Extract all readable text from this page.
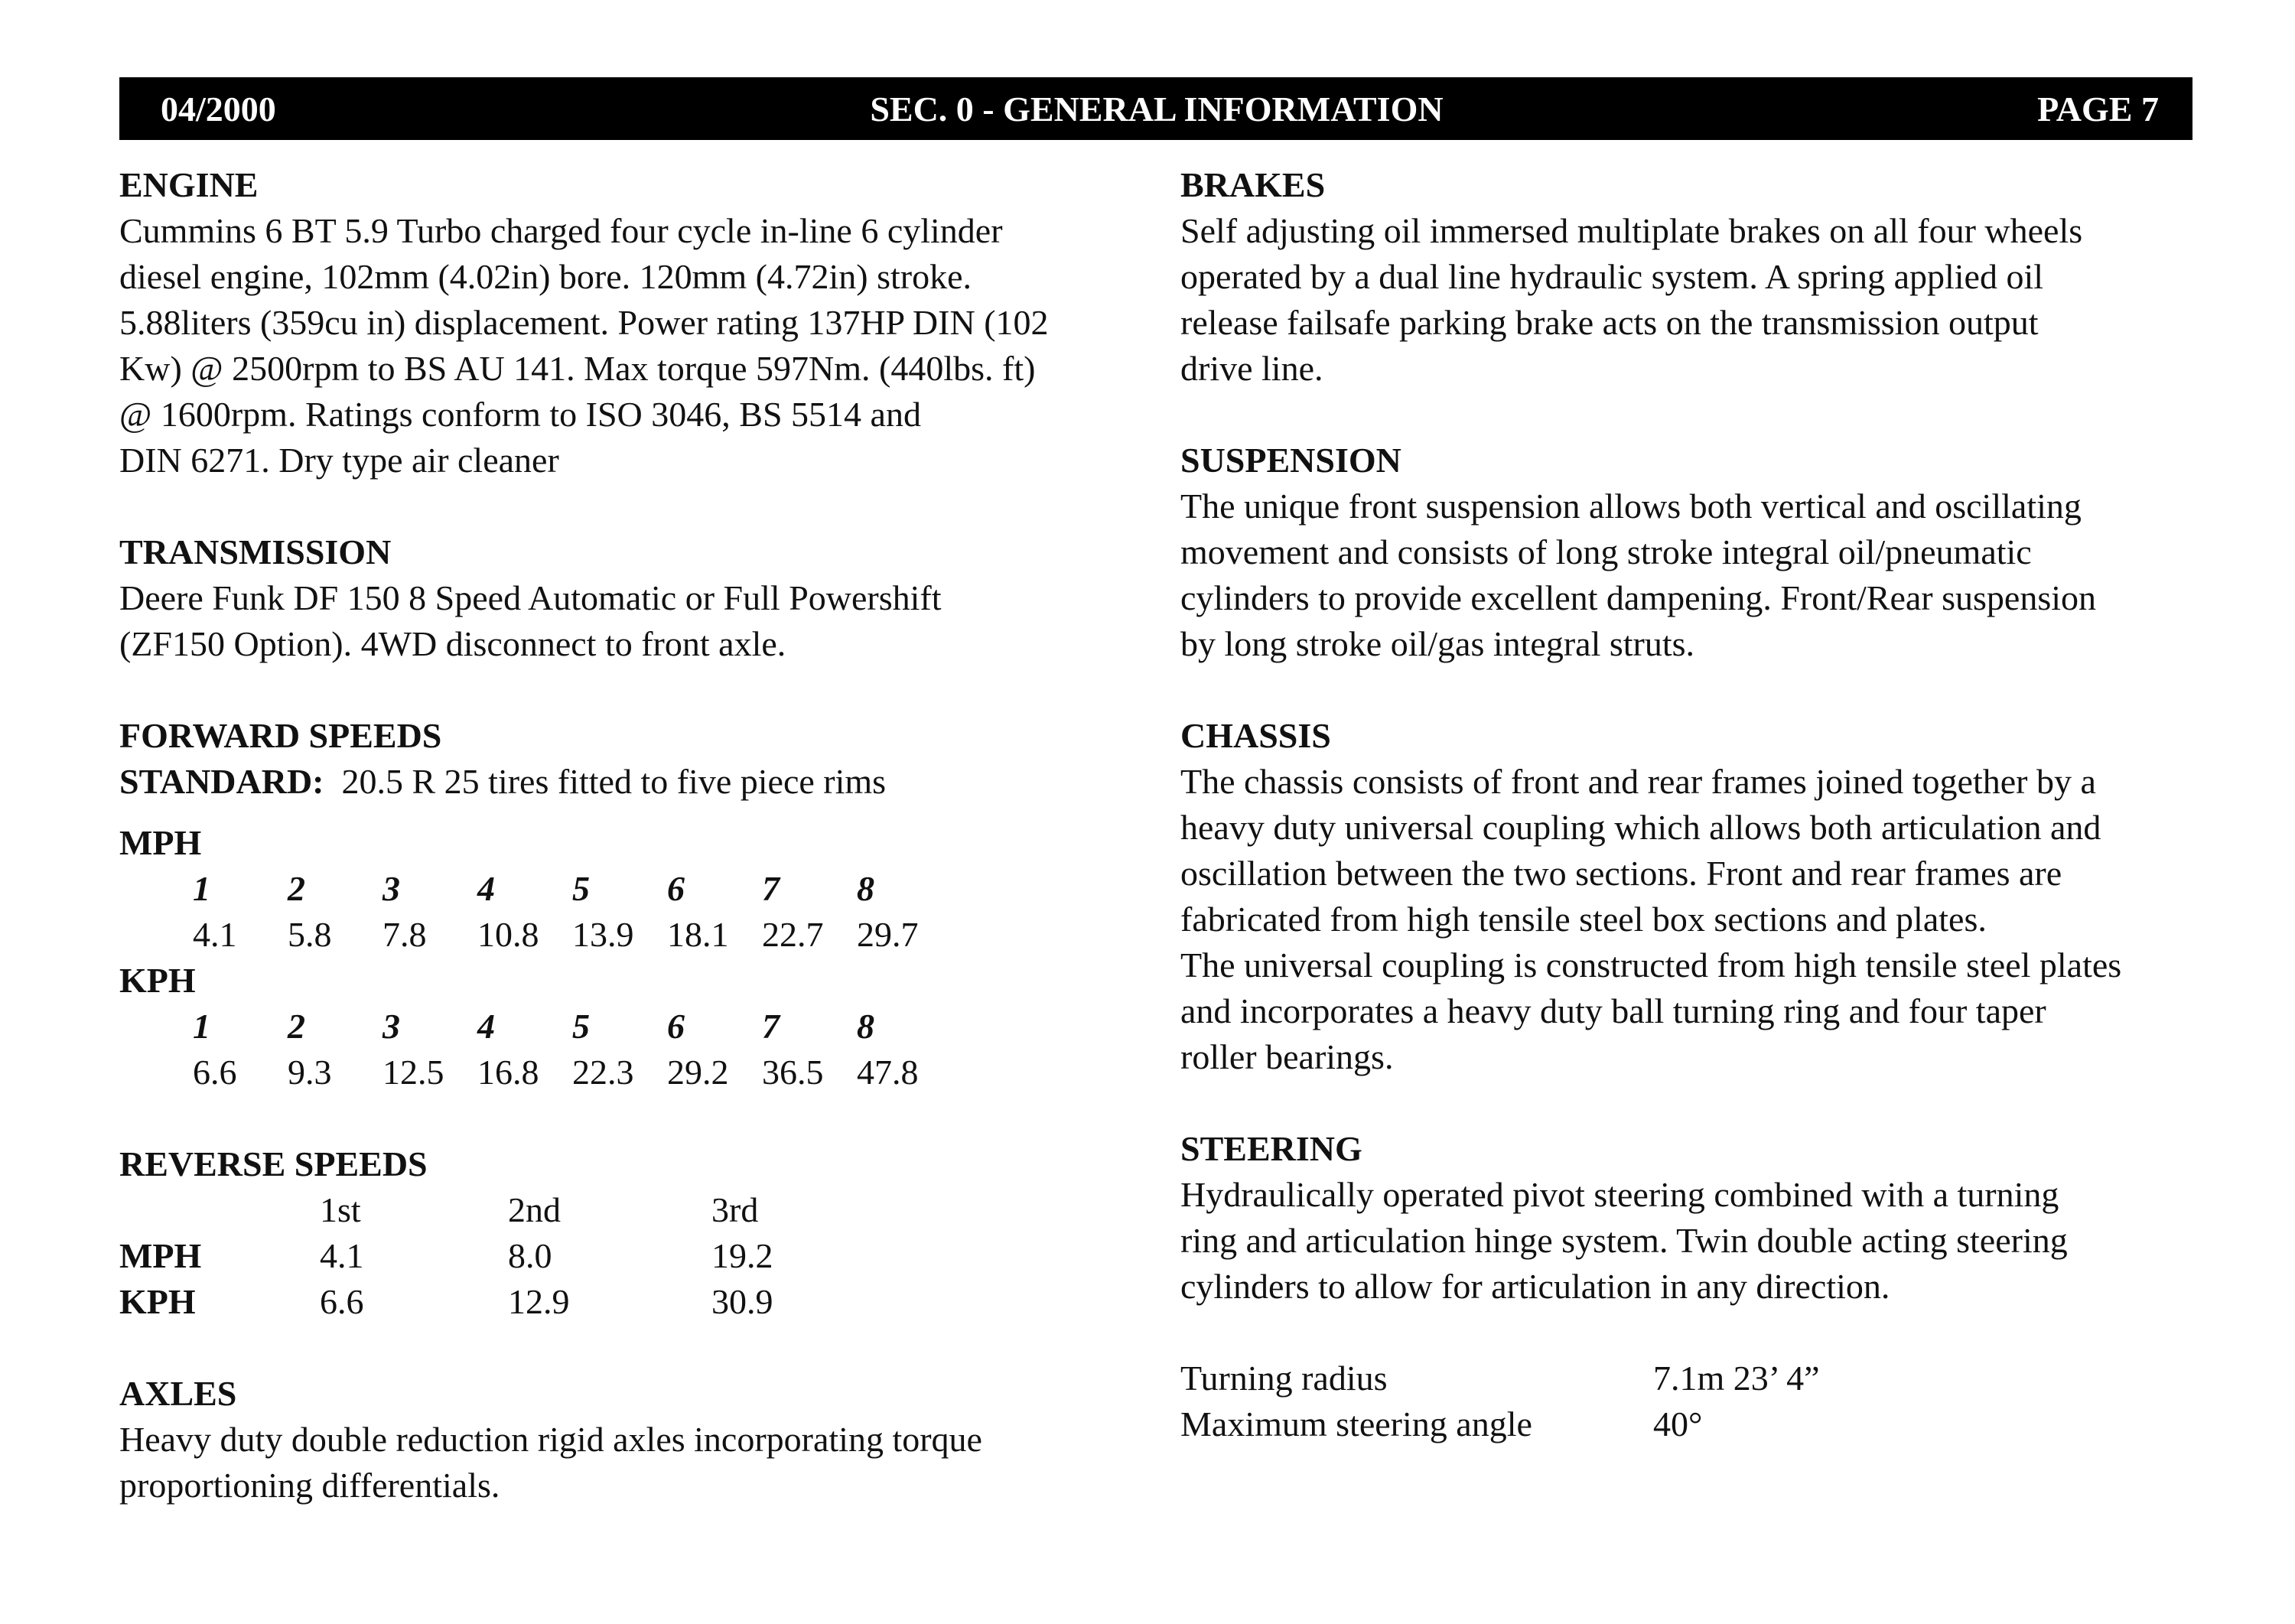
04/2000	SEC. 0 - GENERAL INFORMATION	PAGE 7
ENGINE

Cummins 6 BT 5.9 Turbo charged four cycle in-line 6 cylinder

diesel engine, 102mm (4.02in) bore. 120mm (4.72in) stroke.

5.88liters (359cu in) displacement. Power rating 137HP DIN (102

Kw) @ 2500rpm to BS AU 141. Max torque 597Nm. (440lbs. ft)

@ 1600rpm. Ratings conform to ISO 3046, BS 5514 and

DIN 6271. Dry type air cleaner

TRANSMISSION

Deere Funk DF 150 8 Speed Automatic or Full Powershift

(ZF150 Option). 4WD disconnect to front axle.

FORWARD SPEEDS
STANDARD: 20.5 R 25 tires fitted to five piece rims
MPH
1	2	3	4	5	6	7	8
4.1	5.8	7.8	10.8	13.9	18.1	22.7	29.7
KPH
1	2	3	4	5	6	7	8
6.6	9.3	12.5	16.8	22.3	29.2	36.5	47.8
REVERSE SPEEDS
	1st	2nd	3rd
MPH	4.1	8.0	19.2
KPH	6.6	12.9	30.9
AXLES

Heavy duty double reduction rigid axles incorporating torque

proportioning differentials.

BRAKES

Self adjusting oil immersed multiplate brakes on all four wheels

operated by a dual line hydraulic system. A spring applied oil

release failsafe parking brake acts on the transmission output

drive line.

SUSPENSION

The unique front suspension allows both vertical and oscillating

movement and consists of long stroke integral oil/pneumatic

cylinders to provide excellent dampening. Front/Rear suspension

by long stroke oil/gas integral struts.

CHASSIS

The chassis consists of front and rear frames joined together by a

heavy duty universal coupling which allows both articulation and

oscillation between the two sections. Front and rear frames are

fabricated from high tensile steel box sections and plates.

The universal coupling is constructed from high tensile steel plates

and incorporates a heavy duty ball turning ring and four taper

roller bearings.

STEERING

Hydraulically operated pivot steering combined with a turning

ring and articulation hinge system. Twin double acting steering

cylinders to allow for articulation in any direction.

Turning radius	7.1m 23’ 4”
Maximum steering angle	40°
